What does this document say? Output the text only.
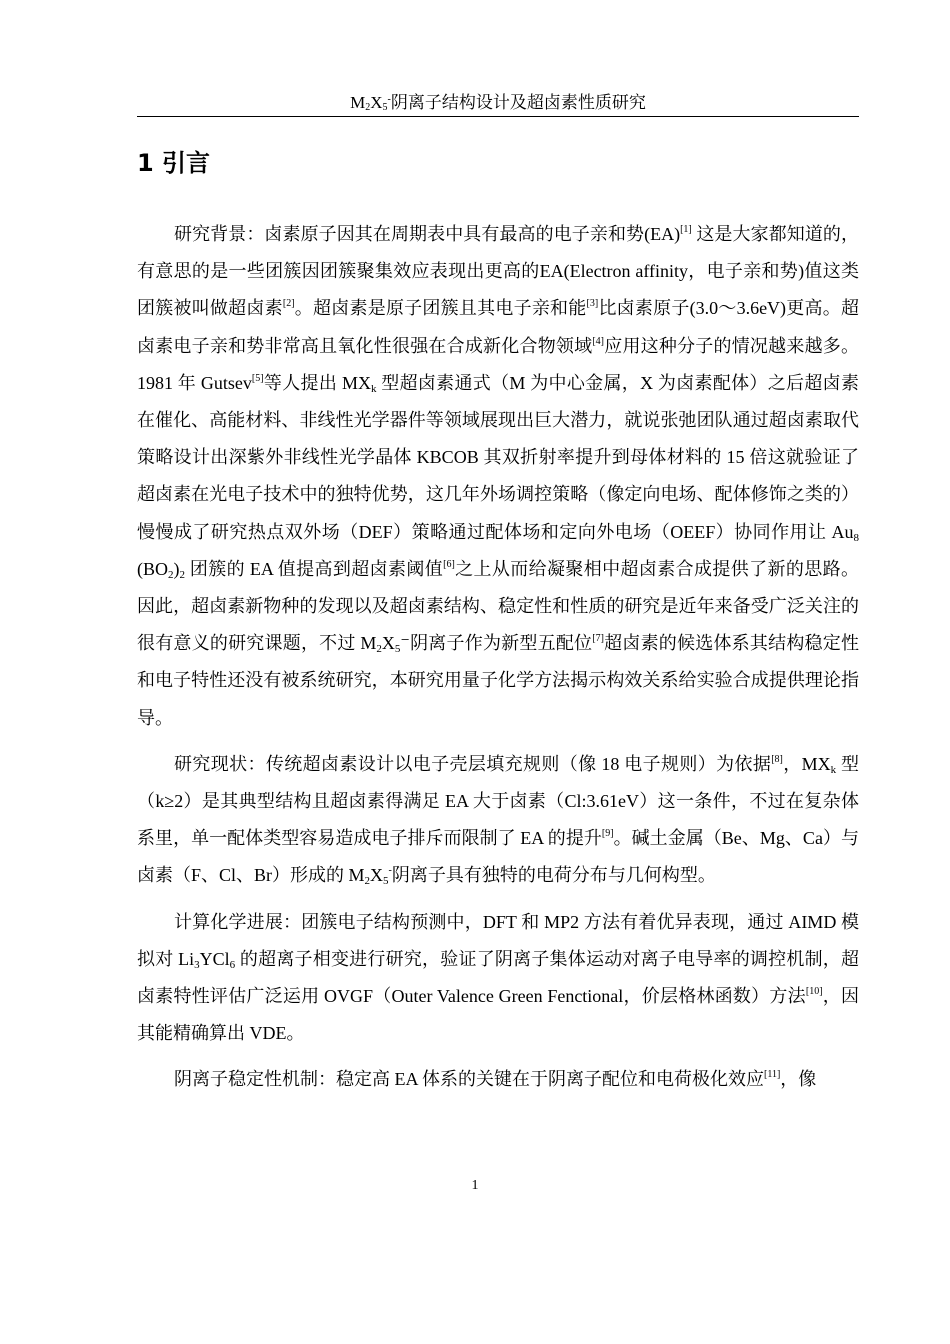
$M_2X_5^-$阴离子结构设计及超卤素性质研究
1 引言

研究背景：卤素原子因其在周期表中具有最高的电子亲和势(EA)[1] 这是大家都知道的，有意思的是一些团簇因团簇聚集效应表现出更高的EA(Electron affinity，电子亲和势)值这类团簇被叫做超卤素[2]。超卤素是原子团簇且其电子亲和能[3]比卤素原子(3.0～3.6eV)更高。超卤素电子亲和势非常高且氧化性很强在合成新化合物领域[4]应用这种分子的情况越来越多。1981 年 Gutsev[5]等人提出 $MX_k$ 型超卤素通式（M 为中心金属，X 为卤素配体）之后超卤素在催化、高能材料、非线性光学器件等领域展现出巨大潜力，就说张弛团队通过超卤素取代策略设计出深紫外非线性光学晶体 KBCOB 其双折射率提升到母体材料的 15 倍这就验证了超卤素在光电子技术中的独特优势，这几年外场调控策略（像定向电场、配体修饰之类的）慢慢成了研究热点双外场（DEF）策略通过配体场和定向外电场（OEEF）协同作用让 $Au_8$ $(BO_2)_2$ 团簇的 EA 值提高到超卤素阈值[6]之上从而给凝聚相中超卤素合成提供了新的思路。因此，超卤素新物种的发现以及超卤素结构、稳定性和性质的研究是近年来备受广泛关注的很有意义的研究课题，不过 $M_2X_5^-$阴离子作为新型五配位[7]超卤素的候选体系其结构稳定性和电子特性还没有被系统研究，本研究用量子化学方法揭示构效关系给实验合成提供理论指导。

研究现状：传统超卤素设计以电子壳层填充规则（像 18 电子规则）为依据[8]，$MX_k$ 型（k≥2）是其典型结构且超卤素得满足 EA 大于卤素（Cl:3.61eV）这一条件，不过在复杂体系里，单一配体类型容易造成电子排斥而限制了 EA 的提升[9]。碱土金属（Be、Mg、Ca）与卤素（F、Cl、Br）形成的 $M_2X_5^-$阴离子具有独特的电荷分布与几何构型。

计算化学进展：团簇电子结构预测中，DFT 和 MP2 方法有着优异表现，通过 AIMD 模拟对 $Li_3YCl_6$ 的超离子相变进行研究，验证了阴离子集体运动对离子电导率的调控机制，超卤素特性评估广泛运用 OVGF（Outer Valence Green Fenctional，价层格林函数）方法[10]，因其能精确算出 VDE。

阴离子稳定性机制：稳定高 EA 体系的关键在于阴离子配位和电荷极化效应[11]，像

1
